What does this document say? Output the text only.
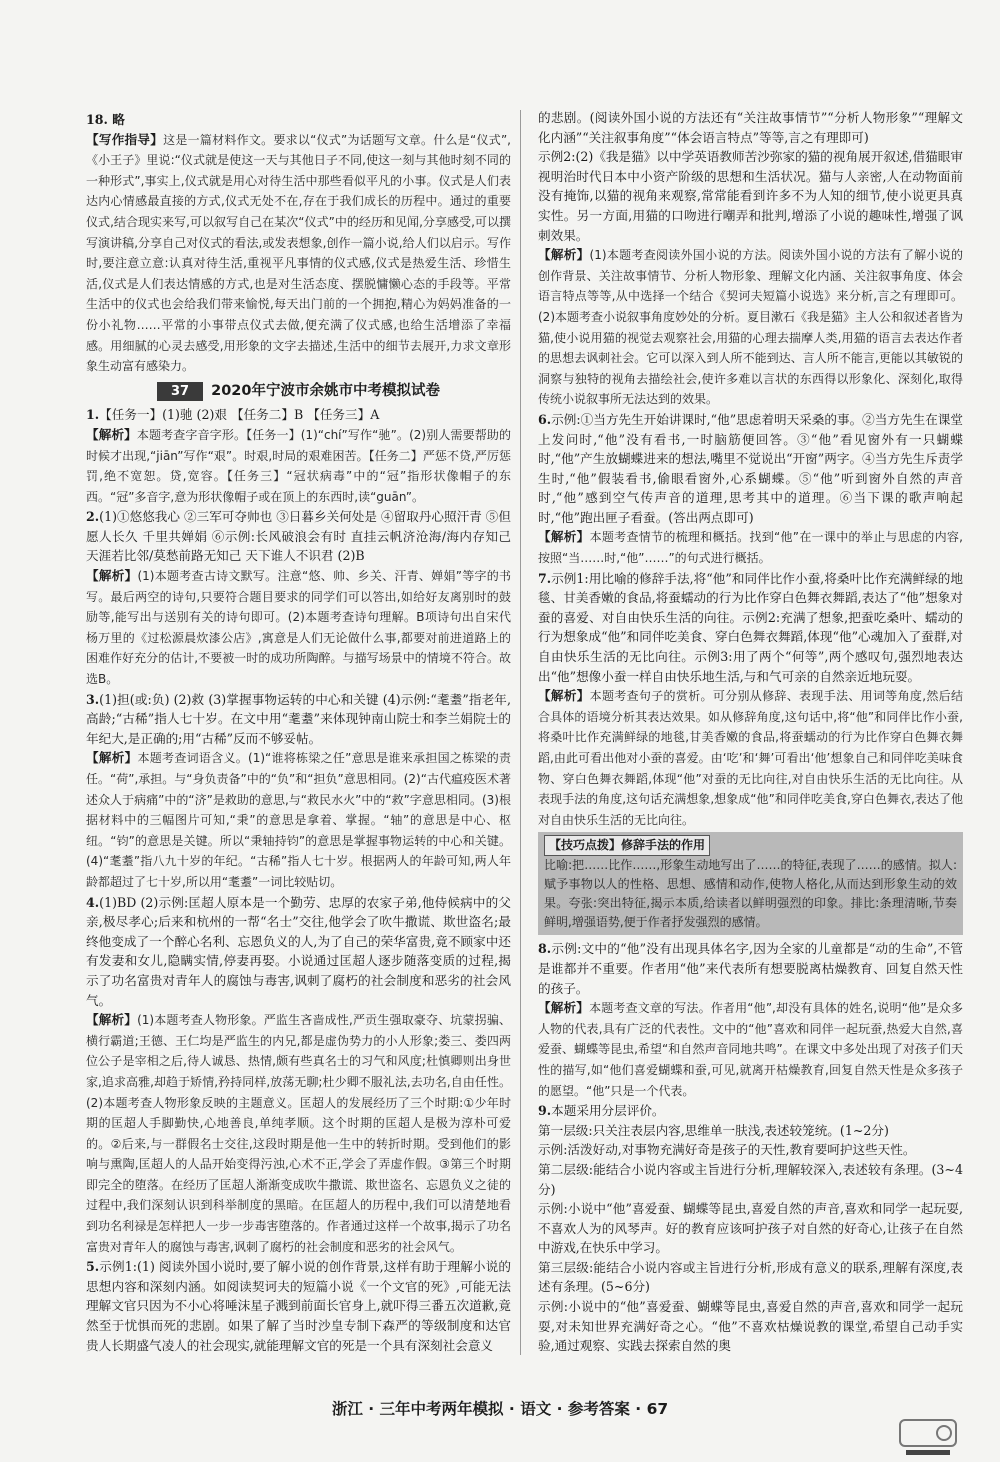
18. 略
【写作指导】这是一篇材料作文。要求以“仪式”为话题写文章。什么是“仪式”,《小王子》里说:“仪式就是使这一天与其他日子不同,使这一刻与其他时刻不同的一种形式”,事实上,仪式就是用心对待生活中那些看似平凡的小事。仪式是人们表达内心情感最直接的方式,仪式无处不在,存在于我们成长的历程中。通过的重要仪式,结合现实来写,可以叙写自己在某次“仪式”中的经历和见闻,分享感受,可以撰写演讲稿,分享自己对仪式的看法,或发表想象,创作一篇小说,给人们以启示。写作时,要注意立意:认真对待生活,重视平凡事情的仪式感,仪式是热爱生活、珍惜生活,仪式是人们表达情感的方式,也是对生活态度、摆脱慵懒心态的手段等。平常生活中的仪式也会给我们带来愉悦,每天出门前的一个拥抱,精心为妈妈准备的一份小礼物……平常的小事带点仪式去做,便充满了仪式感,也给生活增添了幸福感。用细腻的心灵去感受,用形象的文字去描述,生活中的细节去展开,力求文章形象生动富有感染力。

37 2020年宁波市余姚市中考模拟试卷

1.【任务一】(1)驰 (2)艰 【任务二】B 【任务三】A
【解析】本题考查字音字形。【任务一】(1)“chí”写作“驰”。(2)别人需要帮助的时候才出现,“jiān”写作“艰”。时艰,时局的艰难困苦。【任务二】严惩不贷,严厉惩罚,绝不宽恕。贷,宽容。【任务三】“冠状病毒”中的“冠”指形状像帽子的东西。“冠”多音字,意为形状像帽子或在顶上的东西时,读“guān”。

2.(1)①悠悠我心 ②三军可夺帅也 ③日暮乡关何处是 ④留取丹心照汗青 ⑤但愿人长久 千里共婵娟 ⑥示例:长风破浪会有时 直挂云帆济沧海/海内存知己 天涯若比邻/莫愁前路无知己 天下谁人不识君 (2)B
【解析】(1)本题考查古诗文默写。注意“悠、帅、乡关、汗青、婵娟”等字的书写。最后两空的诗句,只要符合题目要求的同学们可以答出,如给好友离别时的鼓励等,能写出与送别有关的诗句即可。(2)本题考查诗句理解。B项诗句出自宋代杨万里的《过松源晨炊漆公店》,寓意是人们无论做什么事,都要对前进道路上的困难作好充分的估计,不要被一时的成功所陶醉。与描写场景中的情境不符合。故选B。

3.(1)担(或:负) (2)救 (3)掌握事物运转的中心和关键 (4)示例:“耄耋”指老年,高龄;“古稀”指人七十岁。在文中用“耄耋”来体现钟南山院士和李兰娟院士的年纪大,是正确的;用“古稀”反而不够妥帖。
【解析】本题考查词语含义。(1)“谁将栋梁之任”意思是谁来承担国之栋梁的责任。“荷”,承担。与“身负责备”中的“负”和“担负”意思相同。(2)“古代瘟疫医术著述众人于病痛”中的“济”是救助的意思,与“救民水火”中的“救”字意思相同。(3)根据材料中的三幅图片可知,“秉”的意思是拿着、掌握。“轴”的意思是中心、枢纽。“钧”的意思是关键。所以“秉轴持钧”的意思是掌握事物运转的中心和关键。(4)“耄耋”指八九十岁的年纪。“古稀”指人七十岁。根据两人的年龄可知,两人年龄都超过了七十岁,所以用“耄耋”一词比较贴切。

4.(1)BD (2)示例:匡超人原本是一个勤劳、忠厚的农家子弟,他侍候病中的父亲,极尽孝心;后来和杭州的一帮“名士”交往,他学会了吹牛撒谎、欺世盗名;最终他变成了一个醉心名利、忘恩负义的人,为了自己的荣华富贵,竟不顾家中还有发妻和女儿,隐瞒实情,停妻再娶。小说通过匡超人逐步随落变质的过程,揭示了功名富贵对青年人的腐蚀与毒害,讽刺了腐朽的社会制度和恶劣的社会风气。
【解析】(1)本题考查人物形象。严监生吝啬成性,严贡生强取豪夺、坑蒙拐骗、横行霸道;王德、王仁均是严监生的内兄,都是虚伪势力的小人形象;娄三、娄四两位公子是宰相之后,待人诚恳、热情,颇有些真名士的习气和风度;杜慎卿则出身世家,追求高雅,却趋于矫情,矜持同样,放荡无聊;杜少卿不服礼法,去功名,自由任性。(2)本题考查人物形象反映的主题意义。匡超人的发展经历了三个时期:①少年时期的匡超人手脚勤快,心地善良,单纯孝顺。这个时期的匡超人是极为淳朴可爱的。②后来,与一群假名士交往,这段时期是他一生中的转折时期。受到他们的影响与熏陶,匡超人的人品开始变得污浊,心术不正,学会了弄虚作假。③第三个时期即完全的堕落。在经历了匡超人渐渐变成吹牛撒谎、欺世盗名、忘恩负义之徒的过程中,我们深刻认识到科举制度的黑暗。在匡超人的历程中,我们可以清楚地看到功名利禄是怎样把人一步一步毒害堕落的。作者通过这样一个故事,揭示了功名富贵对青年人的腐蚀与毒害,讽刺了腐朽的社会制度和恶劣的社会风气。

5.示例1:(1) 阅读外国小说时,要了解小说的创作背景,这样有助于理解小说的思想内容和深刻内涵。如阅读契诃夫的短篇小说《一个文官的死》,可能无法理解文官只因为不小心将唾沫星子溅到前面长官身上,就吓得三番五次道歉,竟然至于忧惧而死的悲剧。如果了解了当时沙皇专制下森严的等级制度和达官贵人长期盛气凌人的社会现实,就能理解文官的死是一个具有深刻社会意义

的悲剧。(阅读外国小说的方法还有“关注故事情节”“分析人物形象”“理解文化内涵”“关注叙事角度”“体会语言特点”等等,言之有理即可)
示例2:(2)《我是猫》以中学英语教师苦沙弥家的猫的视角展开叙述,借猫眼审视明治时代日本中小资产阶级的思想和生活状况。猫与人亲密,人在动物面前没有掩饰,以猫的视角来观察,常常能看到许多不为人知的细节,使小说更具真实性。另一方面,用猫的口吻进行嘲弄和批判,增添了小说的趣味性,增强了讽刺效果。
【解析】(1)本题考查阅读外国小说的方法。阅读外国小说的方法有了解小说的创作背景、关注故事情节、分析人物形象、理解文化内涵、关注叙事角度、体会语言特点等等,从中选择一个结合《契诃夫短篇小说选》来分析,言之有理即可。(2)本题考查小说叙事角度妙处的分析。夏目漱石《我是猫》主人公和叙述者皆为猫,使小说用猫的视觉去观察社会,用猫的心理去揣摩人类,用猫的语言去表达作者的思想去讽刺社会。它可以深入到人所不能到达、言人所不能言,更能以其敏锐的洞察与独特的视角去描绘社会,使许多难以言状的东西得以形象化、深刻化,取得传统小说叙事所无法达到的效果。

6.示例:①当方先生开始讲课时,“他”思虑着明天采桑的事。②当方先生在课堂上发问时,“他”没有看书,一时脑筋便回答。③“他”看见窗外有一只蝴蝶时,“他”产生放蝴蝶进来的想法,嘴里不觉说出“开窗”两字。④当方先生斥责学生时,“他”假装看书,偷眼看窗外,心系蝴蝶。⑤“他”听到窗外自然的声音时,“他”感到空气传声音的道理,思考其中的道理。⑥当下课的歌声响起时,“他”跑出匣子看蚕。(答出两点即可)
【解析】本题考查情节的梳理和概括。找到“他”在一课中的举止与思虑的内容,按照“当……时,“他”……”的句式进行概括。

7.示例1:用比喻的修辞手法,将“他”和同伴比作小蚕,将桑叶比作充满鲜绿的地毯、甘美香嫩的食品,将蚕蠕动的行为比作穿白色舞衣舞蹈,表达了“他”想象对蚕的喜爱、对自由快乐生活的向往。示例2:充满了想象,把蚕吃桑叶、蠕动的行为想象成“他”和同伴吃美食、穿白色舞衣舞蹈,体现“他”心魂加入了蚕群,对自由快乐生活的无比向往。示例3:用了两个“何等”,两个感叹句,强烈地表达出“他”想像小蚕一样自由快乐地生活,与和气可亲的自然亲近地玩耍。
【解析】本题考查句子的赏析。可分别从修辞、表现手法、用词等角度,然后结合具体的语境分析其表达效果。如从修辞角度,这句话中,将“他”和同伴比作小蚕,将桑叶比作充满鲜绿的地毯,甘美香嫩的食品,将蚕蠕动的行为比作穿白色舞衣舞蹈,由此可看出他对小蚕的喜爱。由‘吃’和‘舞’可看出‘他’想象自己和同伴吃美味食物、穿白色舞衣舞蹈,体现“他”对蚕的无比向往,对自由快乐生活的无比向往。从表现手法的角度,这句话充满想象,想象成“他”和同伴吃美食,穿白色舞衣,表达了他对自由快乐生活的无比向往。

【技巧点拨】修辞手法的作用
比喻:把……比作……,形象生动地写出了……的特征,表现了……的感情。拟人:赋予事物以人的性格、思想、感情和动作,使物人格化,从而达到形象生动的效果。夸张:突出特征,揭示本质,给读者以鲜明强烈的印象。排比:条理清晰,节奏鲜明,增强语势,便于作者抒发强烈的感情。

8.示例:文中的“他”没有出现具体名字,因为全家的儿童都是“动的生命”,不管是谁都并不重要。作者用“他”来代表所有想要脱离枯燥教育、回复自然天性的孩子。
【解析】本题考查文章的写法。作者用“他”,却没有具体的姓名,说明“他”是众多人物的代表,具有广泛的代表性。文中的“他”喜欢和同伴一起玩蚕,热爱大自然,喜爱蚕、蝴蝶等昆虫,希望“和自然声音同地共鸣”。在课文中多处出现了对孩子们天性的描写,如“他们喜爱蝴蝶和蚕,可见,就离开枯燥教育,回复自然天性是众多孩子的愿望。“他”只是一个代表。

9.本题采用分层评价。
第一层级:只关注表层内容,思维单一肤浅,表述较笼统。(1~2分)
示例:活泼好动,对事物充满好奇是孩子的天性,教育要呵护这些天性。
第二层级:能结合小说内容或主旨进行分析,理解较深入,表述较有条理。(3~4分)
示例:小说中“他”喜爱蚕、蝴蝶等昆虫,喜爱自然的声音,喜欢和同学一起玩耍,不喜欢人为的风琴声。好的教育应该呵护孩子对自然的好奇心,让孩子在自然中游戏,在快乐中学习。
第三层级:能结合小说内容或主旨进行分析,形成有意义的联系,理解有深度,表述有条理。(5~6分)
示例:小说中的“他”喜爱蚕、蝴蝶等昆虫,喜爱自然的声音,喜欢和同学一起玩耍,对未知世界充满好奇之心。“他”不喜欢枯燥说教的课堂,希望自己动手实验,通过观察、实践去探索自然的奥

浙江 · 三年中考两年模拟 · 语文 · 参考答案 · 67
